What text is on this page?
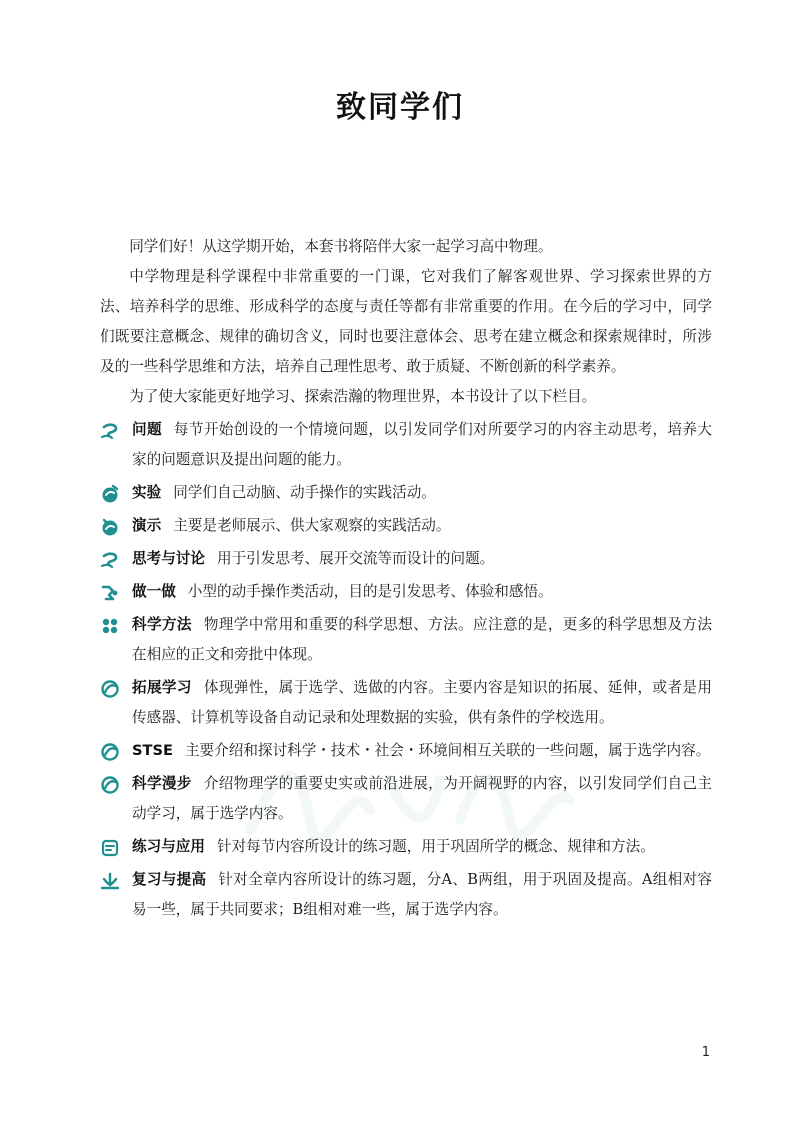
致同学们

同学们好！从这学期开始，本套书将陪伴大家一起学习高中物理。

中学物理是科学课程中非常重要的一门课，它对我们了解客观世界、学习探索世界的方法、培养科学的思维、形成科学的态度与责任等都有非常重要的作用。在今后的学习中，同学们既要注意概念、规律的确切含义，同时也要注意体会、思考在建立概念和探索规律时，所涉及的一些科学思维和方法，培养自己理性思考、敢于质疑、不断创新的科学素养。

为了使大家能更好地学习、探索浩瀚的物理世界，本书设计了以下栏目。

问题 每节开始创设的一个情境问题，以引发同学们对所要学习的内容主动思考，培养大家的问题意识及提出问题的能力。
实验 同学们自己动脑、动手操作的实践活动。
演示 主要是老师展示、供大家观察的实践活动。
思考与讨论 用于引发思考、展开交流等而设计的问题。
做一做 小型的动手操作类活动，目的是引发思考、体验和感悟。
科学方法 物理学中常用和重要的科学思想、方法。应注意的是，更多的科学思想及方法在相应的正文和旁批中体现。
拓展学习 体现弹性，属于选学、选做的内容。主要内容是知识的拓展、延伸，或者是用传感器、计算机等设备自动记录和处理数据的实验，供有条件的学校选用。
STSE 主要介绍和探讨科学・技术・社会・环境间相互关联的一些问题，属于选学内容。
科学漫步 介绍物理学的重要史实或前沿进展，为开阔视野的内容，以引发同学们自己主动学习，属于选学内容。
练习与应用 针对每节内容所设计的练习题，用于巩固所学的概念、规律和方法。
复习与提高 针对全章内容所设计的练习题，分A、B两组，用于巩固及提高。A组相对容易一些，属于共同要求；B组相对难一些，属于选学内容。
1
